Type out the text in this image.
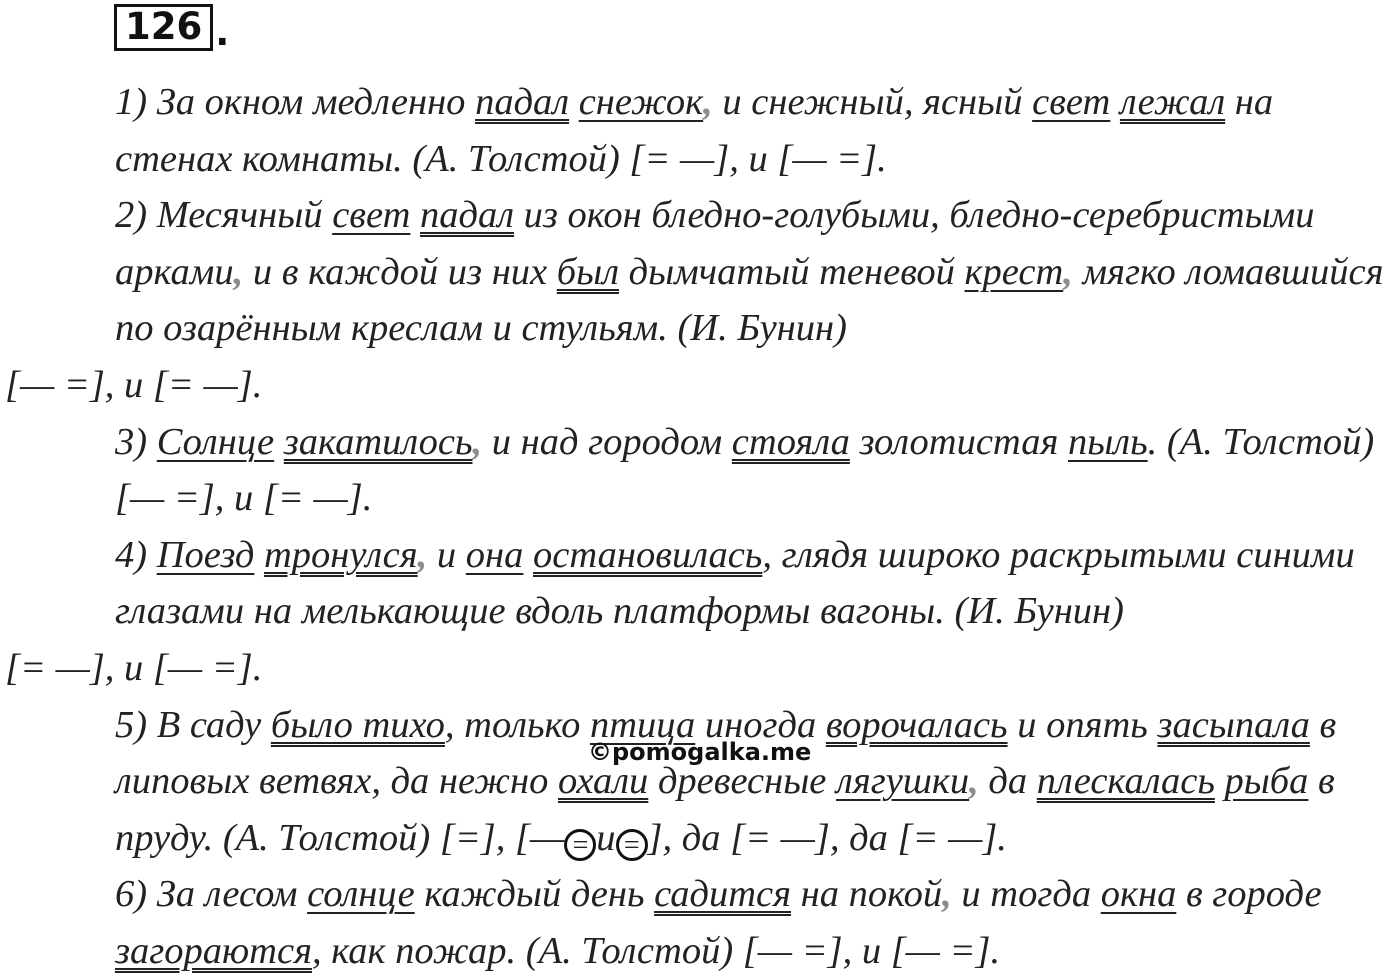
126 .

1) За окном медленно падал снежок, и снежный, ясный свет лежал на стенах комнаты. (А. Толстой) [= —], и [— =].

2) Месячный свет падал из окон бледно-голубыми, бледно-серебристыми арками, и в каждой из них был дымчатый теневой крест, мягко ломавшийся по озарённым креслам и стульям. (И. Бунин)

[— =], и [= —].

3) Солнце закатилось, и над городом стояла золотистая пыль. (А. Толстой) [— =], и [= —].

4) Поезд тронулся, и она остановилась, глядя широко раскрытыми синими глазами на мелькающие вдоль платформы вагоны. (И. Бунин)

[= —], и [— =].

5) В саду было тихо, только птица иногда ворочалась и опять засыпала в липовых ветвях, да нежно охали древесные лягушки, да плескалась рыба в пруду. (А. Толстой) [=], [— = и = ], да [= —], да [= —].

6) За лесом солнце каждый день садится на покой, и тогда окна в городе загораются, как пожар. (А. Толстой) [— =], и [— =].

©pomogalka.me
